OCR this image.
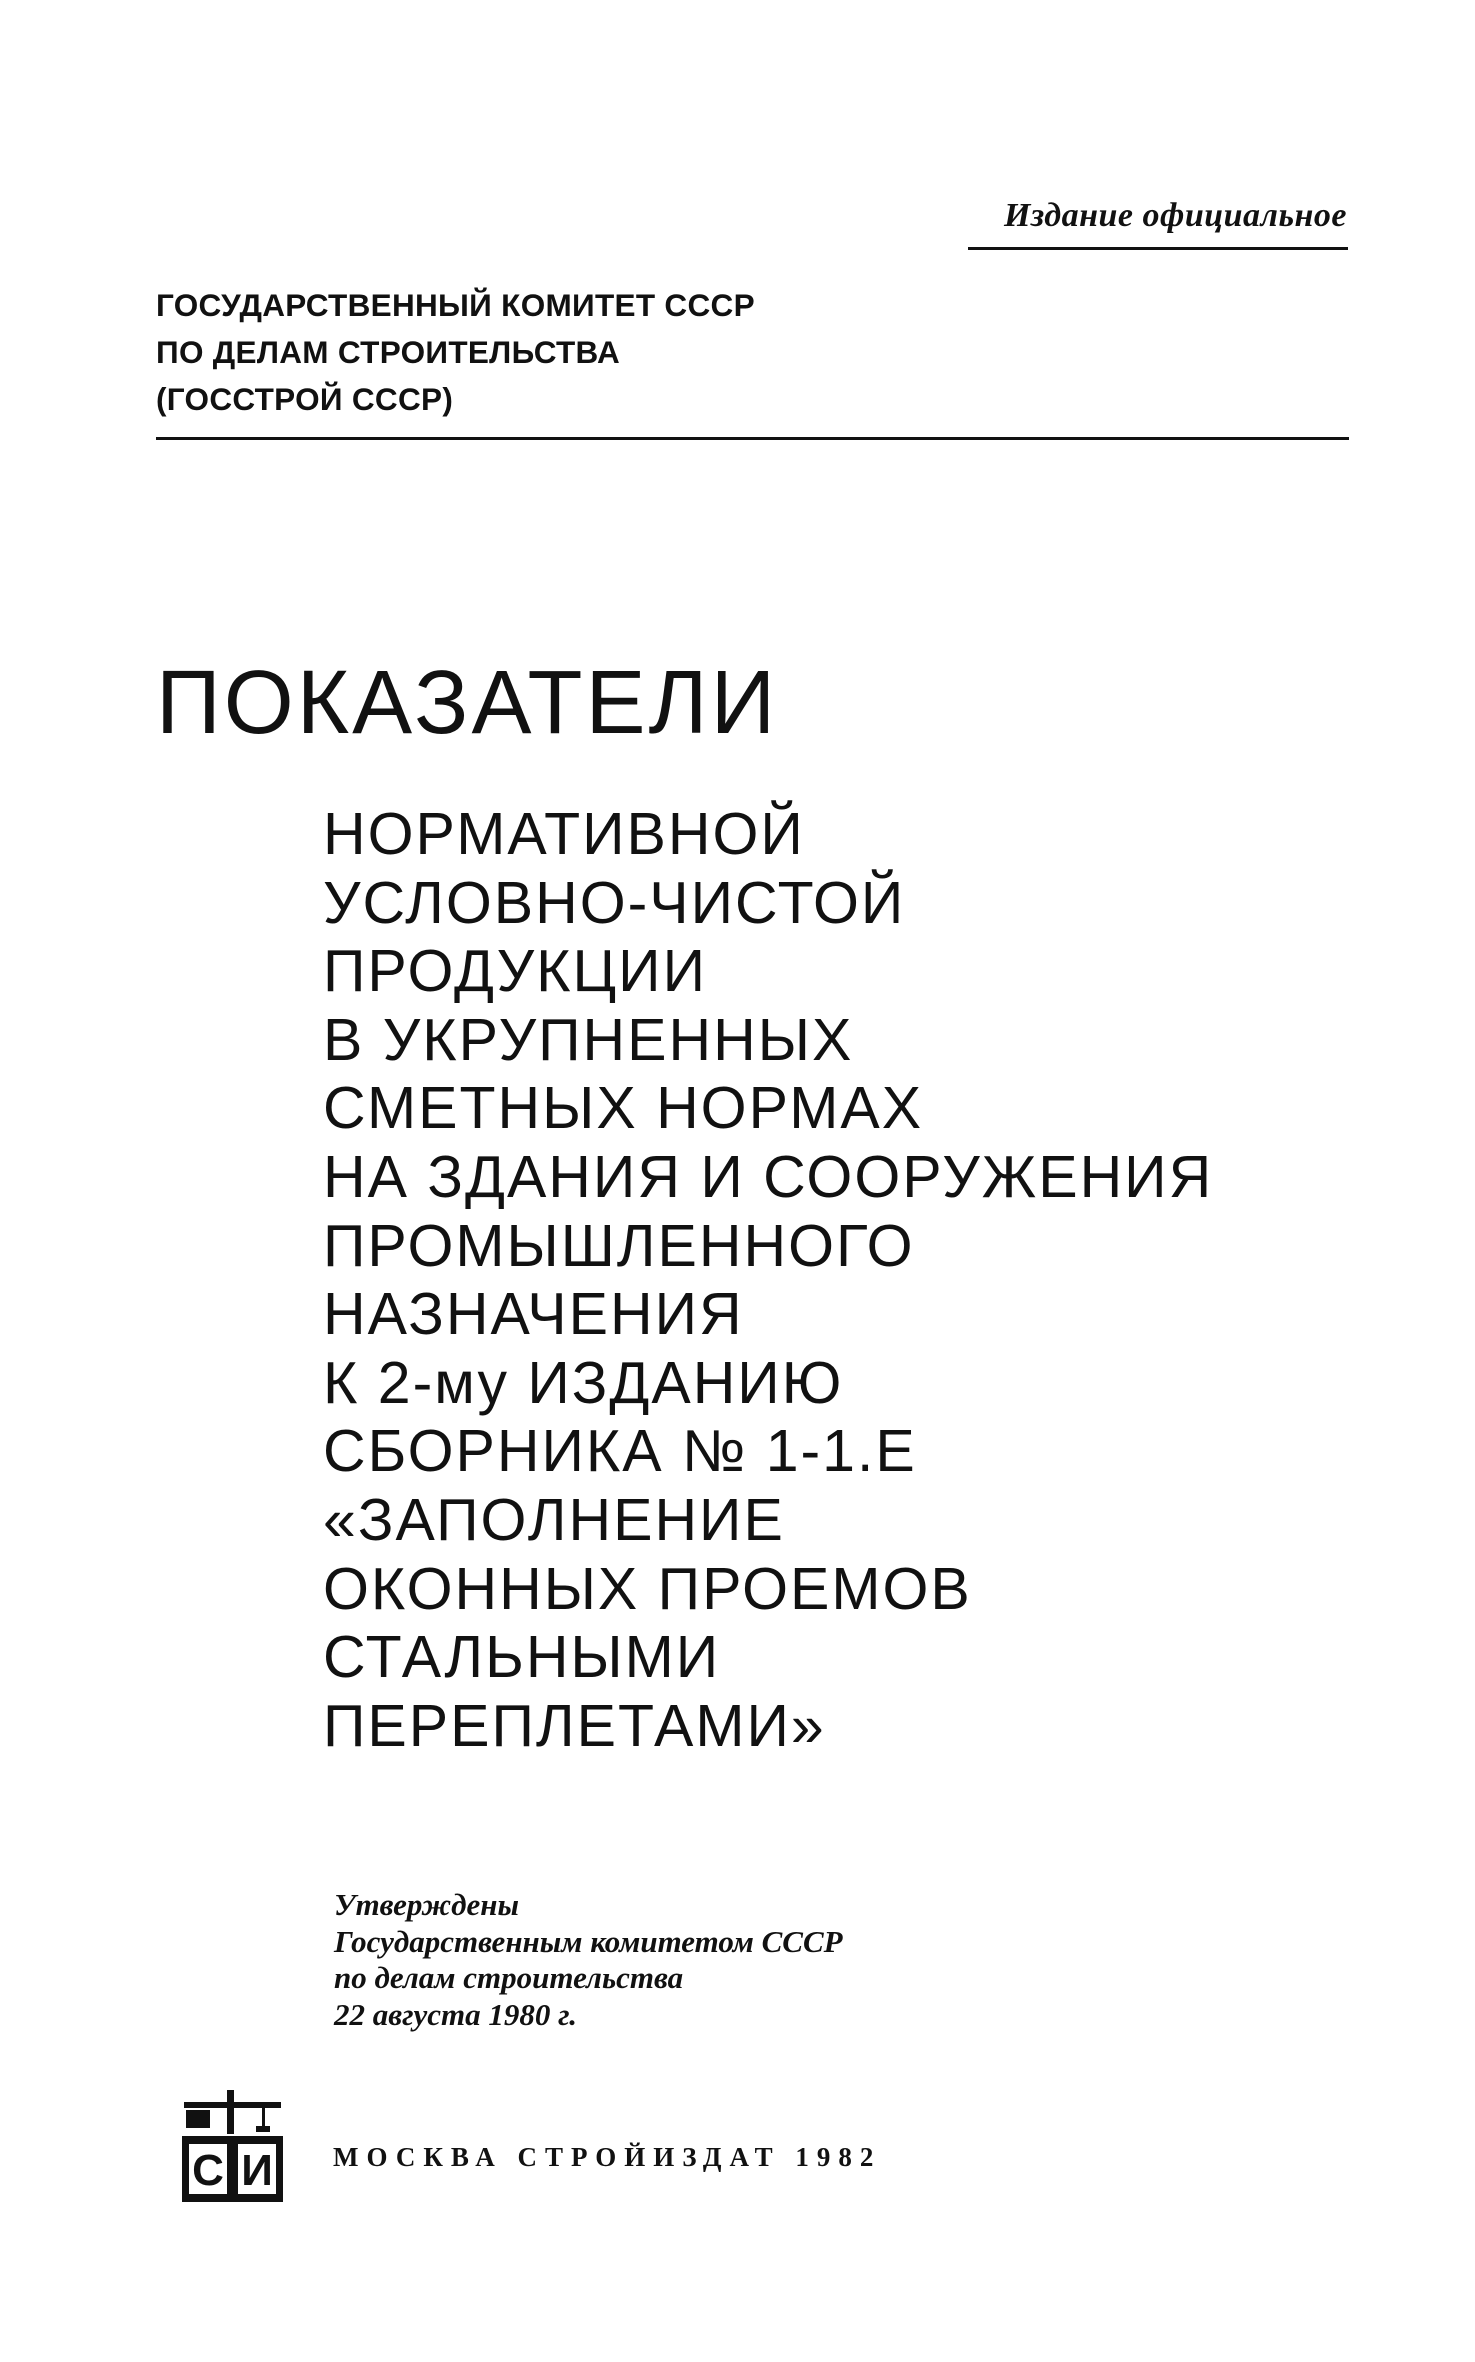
Издание официальное
ГОСУДАРСТВЕННЫЙ КОМИТЕТ СССР
ПО ДЕЛАМ СТРОИТЕЛЬСТВА
(ГОССТРОЙ СССР)
ПОКАЗАТЕЛИ
НОРМАТИВНОЙ
УСЛОВНО-ЧИСТОЙ
ПРОДУКЦИИ
В УКРУПНЕННЫХ
СМЕТНЫХ НОРМАХ
НА ЗДАНИЯ И СООРУЖЕНИЯ
ПРОМЫШЛЕННОГО
НАЗНАЧЕНИЯ
К 2-му ИЗДАНИЮ
СБОРНИКА № 1-1.Е
«ЗАПОЛНЕНИЕ
ОКОННЫХ ПРОЕМОВ
СТАЛЬНЫМИ
ПЕРЕПЛЕТАМИ»
Утверждены
Государственным комитетом СССР
по делам строительства
22 августа 1980 г.
С И МОСКВА СТРОЙИЗДАТ 1982
